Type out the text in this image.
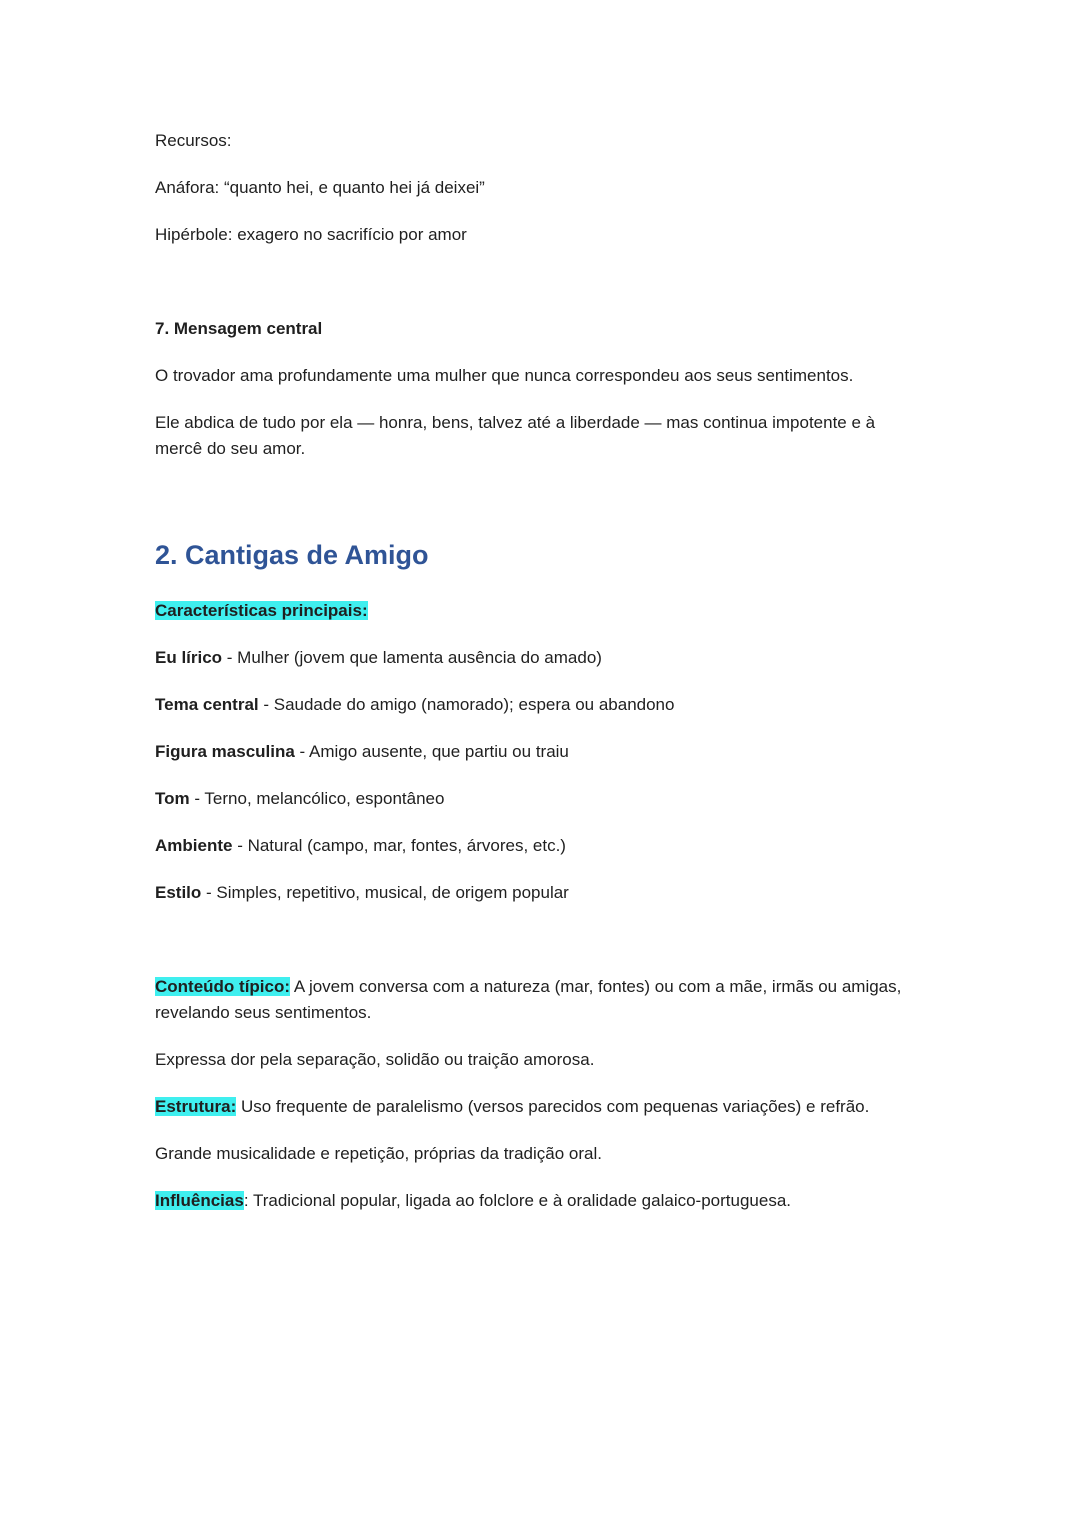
Recursos:

Anáfora: “quanto hei, e quanto hei já deixei”

Hipérbole: exagero no sacrifício por amor

7. Mensagem central

O trovador ama profundamente uma mulher que nunca correspondeu aos seus sentimentos.

Ele abdica de tudo por ela — honra, bens, talvez até a liberdade — mas continua impotente e à mercê do seu amor.

2. Cantigas de Amigo

Características principais:

Eu lírico - Mulher (jovem que lamenta ausência do amado)

Tema central - Saudade do amigo (namorado); espera ou abandono

Figura masculina - Amigo ausente, que partiu ou traiu

Tom - Terno, melancólico, espontâneo

Ambiente - Natural (campo, mar, fontes, árvores, etc.)

Estilo - Simples, repetitivo, musical, de origem popular

Conteúdo típico: A jovem conversa com a natureza (mar, fontes) ou com a mãe, irmãs ou amigas, revelando seus sentimentos.

Expressa dor pela separação, solidão ou traição amorosa.

Estrutura: Uso frequente de paralelismo (versos parecidos com pequenas variações) e refrão.

Grande musicalidade e repetição, próprias da tradição oral.

Influências: Tradicional popular, ligada ao folclore e à oralidade galaico-portuguesa.
